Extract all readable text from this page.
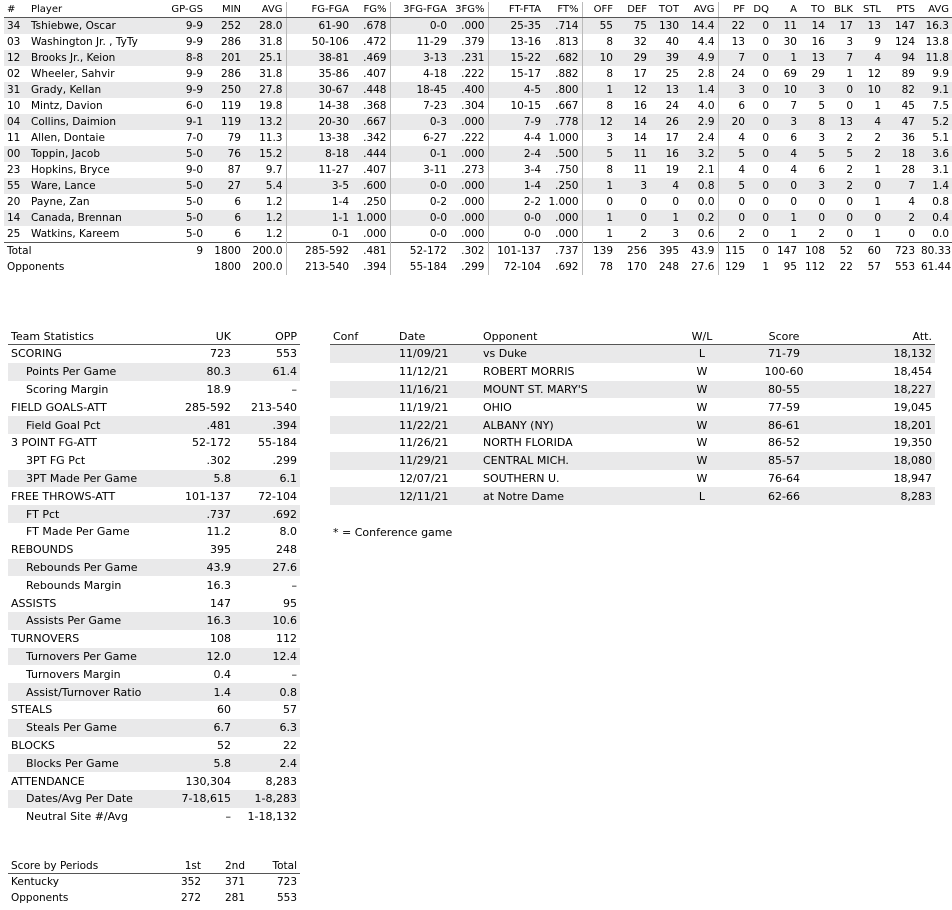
#	Player	GP-GS	MIN	AVG	FG-FGA	FG%	3FG-FGA	3FG%	FT-FTA	FT%	OFF	DEF	TOT	AVG	PF	DQ	A	TO	BLK	STL	PTS	AVG
34	Tshiebwe, Oscar	9-9	252	28.0	61-90	.678	0-0	.000	25-35	.714	55	75	130	14.4	22	0	11	14	17	13	147	16.3
03	Washington Jr. , TyTy	9-9	286	31.8	50-106	.472	11-29	.379	13-16	.813	8	32	40	4.4	13	0	30	16	3	9	124	13.8
12	Brooks Jr., Keion	8-8	201	25.1	38-81	.469	3-13	.231	15-22	.682	10	29	39	4.9	7	0	1	13	7	4	94	11.8
02	Wheeler, Sahvir	9-9	286	31.8	35-86	.407	4-18	.222	15-17	.882	8	17	25	2.8	24	0	69	29	1	12	89	9.9
31	Grady, Kellan	9-9	250	27.8	30-67	.448	18-45	.400	4-5	.800	1	12	13	1.4	3	0	10	3	0	10	82	9.1
10	Mintz, Davion	6-0	119	19.8	14-38	.368	7-23	.304	10-15	.667	8	16	24	4.0	6	0	7	5	0	1	45	7.5
04	Collins, Daimion	9-1	119	13.2	20-30	.667	0-3	.000	7-9	.778	12	14	26	2.9	20	0	3	8	13	4	47	5.2
11	Allen, Dontaie	7-0	79	11.3	13-38	.342	6-27	.222	4-4	1.000	3	14	17	2.4	4	0	6	3	2	2	36	5.1
00	Toppin, Jacob	5-0	76	15.2	8-18	.444	0-1	.000	2-4	.500	5	11	16	3.2	5	0	4	5	5	2	18	3.6
23	Hopkins, Bryce	9-0	87	9.7	11-27	.407	3-11	.273	3-4	.750	8	11	19	2.1	4	0	4	6	2	1	28	3.1
55	Ware, Lance	5-0	27	5.4	3-5	.600	0-0	.000	1-4	.250	1	3	4	0.8	5	0	0	3	2	0	7	1.4
20	Payne, Zan	5-0	6	1.2	1-4	.250	0-2	.000	2-2	1.000	0	0	0	0.0	0	0	0	0	0	1	4	0.8
14	Canada, Brennan	5-0	6	1.2	1-1	1.000	0-0	.000	0-0	.000	1	0	1	0.2	0	0	1	0	0	0	2	0.4
25	Watkins, Kareem	5-0	6	1.2	0-1	.000	0-0	.000	0-0	.000	1	2	3	0.6	2	0	1	2	0	1	0	0.0
Total		9	1800	200.0	285-592	.481	52-172	.302	101-137	.737	139	256	395	43.9	115	0	147	108	52	60	723	80.33
Opponents			1800	200.0	213-540	.394	55-184	.299	72-104	.692	78	170	248	27.6	129	1	95	112	22	57	553	61.44
Team Statistics	UK	OPP
SCORING	723	553
Points Per Game	80.3	61.4
Scoring Margin	18.9	–
FIELD GOALS-ATT	285-592	213-540
Field Goal Pct	.481	.394
3 POINT FG-ATT	52-172	55-184
3PT FG Pct	.302	.299
3PT Made Per Game	5.8	6.1
FREE THROWS-ATT	101-137	72-104
FT Pct	.737	.692
FT Made Per Game	11.2	8.0
REBOUNDS	395	248
Rebounds Per Game	43.9	27.6
Rebounds Margin	16.3	–
ASSISTS	147	95
Assists Per Game	16.3	10.6
TURNOVERS	108	112
Turnovers Per Game	12.0	12.4
Turnovers Margin	0.4	–
Assist/Turnover Ratio	1.4	0.8
STEALS	60	57
Steals Per Game	6.7	6.3
BLOCKS	52	22
Blocks Per Game	5.8	2.4
ATTENDANCE	130,304	8,283
Dates/Avg Per Date	7-18,615	1-8,283
Neutral Site #/Avg	–	1-18,132
Conf	Date	Opponent	W/L	Score	Att.
	11/09/21	vs Duke	L	71-79	18,132
	11/12/21	ROBERT MORRIS	W	100-60	18,454
	11/16/21	MOUNT ST. MARY'S	W	80-55	18,227
	11/19/21	OHIO	W	77-59	19,045
	11/22/21	ALBANY (NY)	W	86-61	18,201
	11/26/21	NORTH FLORIDA	W	86-52	19,350
	11/29/21	CENTRAL MICH.	W	85-57	18,080
	12/07/21	SOUTHERN U.	W	76-64	18,947
	12/11/21	at Notre Dame	L	62-66	8,283
* = Conference game
Score by Periods	1st	2nd	Total
Kentucky	352	371	723
Opponents	272	281	553
